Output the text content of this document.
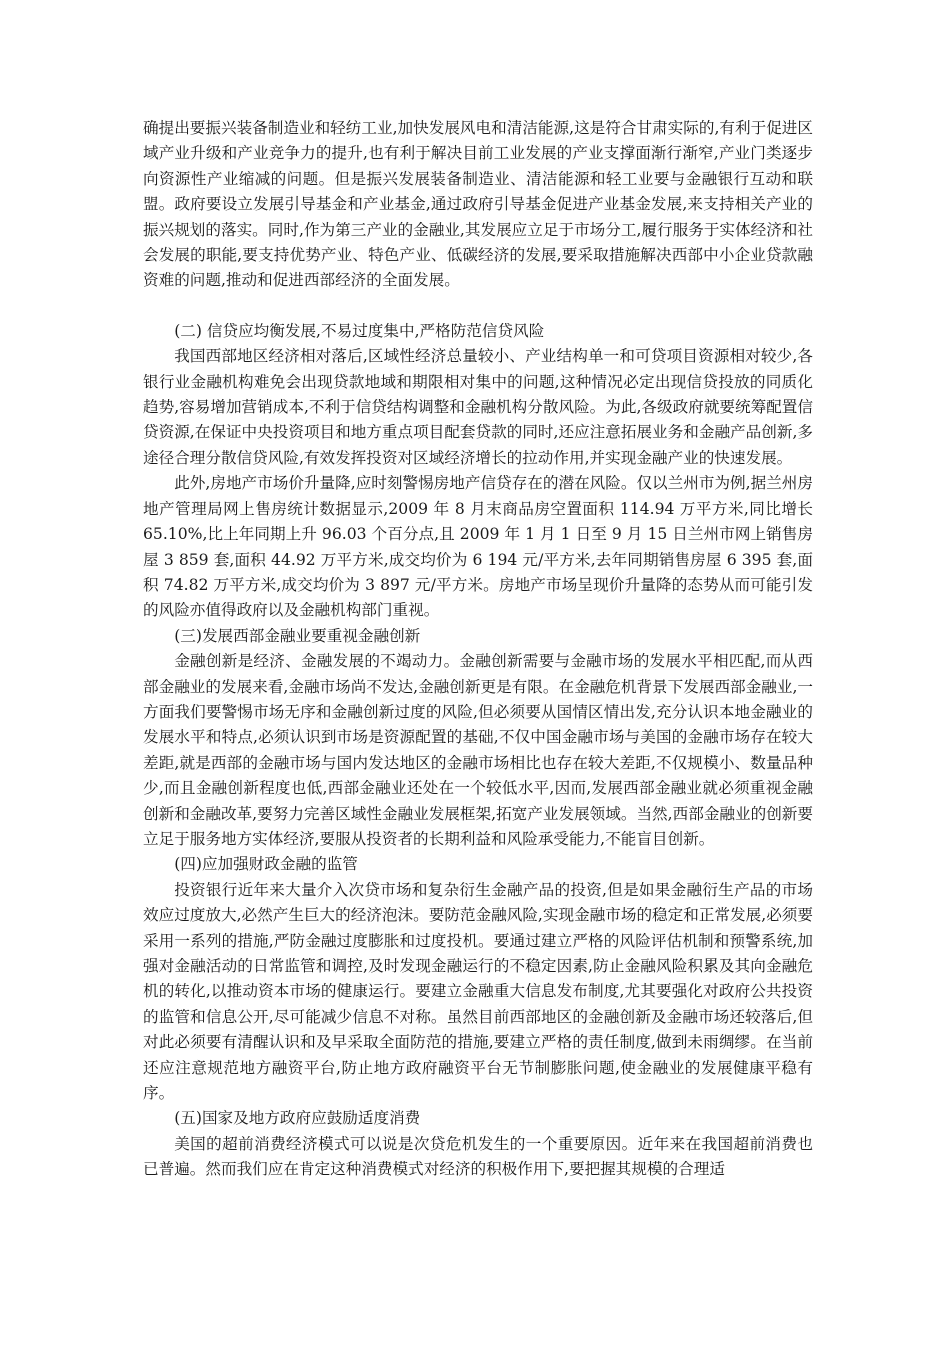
确提出要振兴装备制造业和轻纺工业,加快发展风电和清洁能源,这是符合甘肃实际的,有利于促进区域产业升级和产业竞争力的提升,也有利于解决目前工业发展的产业支撑面渐行渐窄,产业门类逐步向资源性产业缩减的问题。但是振兴发展装备制造业、清洁能源和轻工业要与金融银行互动和联盟。政府要设立发展引导基金和产业基金,通过政府引导基金促进产业基金发展,来支持相关产业的振兴规划的落实。同时,作为第三产业的金融业,其发展应立足于市场分工,履行服务于实体经济和社会发展的职能,要支持优势产业、特色产业、低碳经济的发展,要采取措施解决西部中小企业贷款融资难的问题,推动和促进西部经济的全面发展。

(二) 信贷应均衡发展,不易过度集中,严格防范信贷风险

我国西部地区经济相对落后,区域性经济总量较小、产业结构单一和可贷项目资源相对较少,各银行业金融机构难免会出现贷款地域和期限相对集中的问题,这种情况必定出现信贷投放的同质化趋势,容易增加营销成本,不利于信贷结构调整和金融机构分散风险。为此,各级政府就要统筹配置信贷资源,在保证中央投资项目和地方重点项目配套贷款的同时,还应注意拓展业务和金融产品创新,多途径合理分散信贷风险,有效发挥投资对区域经济增长的拉动作用,并实现金融产业的快速发展。

此外,房地产市场价升量降,应时刻警惕房地产信贷存在的潜在风险。仅以兰州市为例,据兰州房地产管理局网上售房统计数据显示,2009 年 8 月末商品房空置面积 114.94 万平方米,同比增长 65.10%,比上年同期上升 96.03 个百分点,且 2009 年 1 月 1 日至 9 月 15 日兰州市网上销售房屋 3 859 套,面积 44.92 万平方米,成交均价为 6 194 元/平方米,去年同期销售房屋 6 395 套,面积 74.82 万平方米,成交均价为 3 897 元/平方米。房地产市场呈现价升量降的态势从而可能引发的风险亦值得政府以及金融机构部门重视。

(三)发展西部金融业要重视金融创新

金融创新是经济、金融发展的不竭动力。金融创新需要与金融市场的发展水平相匹配,而从西部金融业的发展来看,金融市场尚不发达,金融创新更是有限。在金融危机背景下发展西部金融业,一方面我们要警惕市场无序和金融创新过度的风险,但必须要从国情区情出发,充分认识本地金融业的发展水平和特点,必须认识到市场是资源配置的基础,不仅中国金融市场与美国的金融市场存在较大差距,就是西部的金融市场与国内发达地区的金融市场相比也存在较大差距,不仅规模小、数量品种少,而且金融创新程度也低,西部金融业还处在一个较低水平,因而,发展西部金融业就必须重视金融创新和金融改革,要努力完善区域性金融业发展框架,拓宽产业发展领域。当然,西部金融业的创新要立足于服务地方实体经济,要服从投资者的长期利益和风险承受能力,不能盲目创新。

(四)应加强财政金融的监管

投资银行近年来大量介入次贷市场和复杂衍生金融产品的投资,但是如果金融衍生产品的市场效应过度放大,必然产生巨大的经济泡沫。要防范金融风险,实现金融市场的稳定和正常发展,必须要采用一系列的措施,严防金融过度膨胀和过度投机。要通过建立严格的风险评估机制和预警系统,加强对金融活动的日常监管和调控,及时发现金融运行的不稳定因素,防止金融风险积累及其向金融危机的转化,以推动资本市场的健康运行。要建立金融重大信息发布制度,尤其要强化对政府公共投资的监管和信息公开,尽可能减少信息不对称。虽然目前西部地区的金融创新及金融市场还较落后,但对此必须要有清醒认识和及早采取全面防范的措施,要建立严格的责任制度,做到未雨绸缪。在当前还应注意规范地方融资平台,防止地方政府融资平台无节制膨胀问题,使金融业的发展健康平稳有序。

(五)国家及地方政府应鼓励适度消费

美国的超前消费经济模式可以说是次贷危机发生的一个重要原因。近年来在我国超前消费也已普遍。然而我们应在肯定这种消费模式对经济的积极作用下,要把握其规模的合理适
